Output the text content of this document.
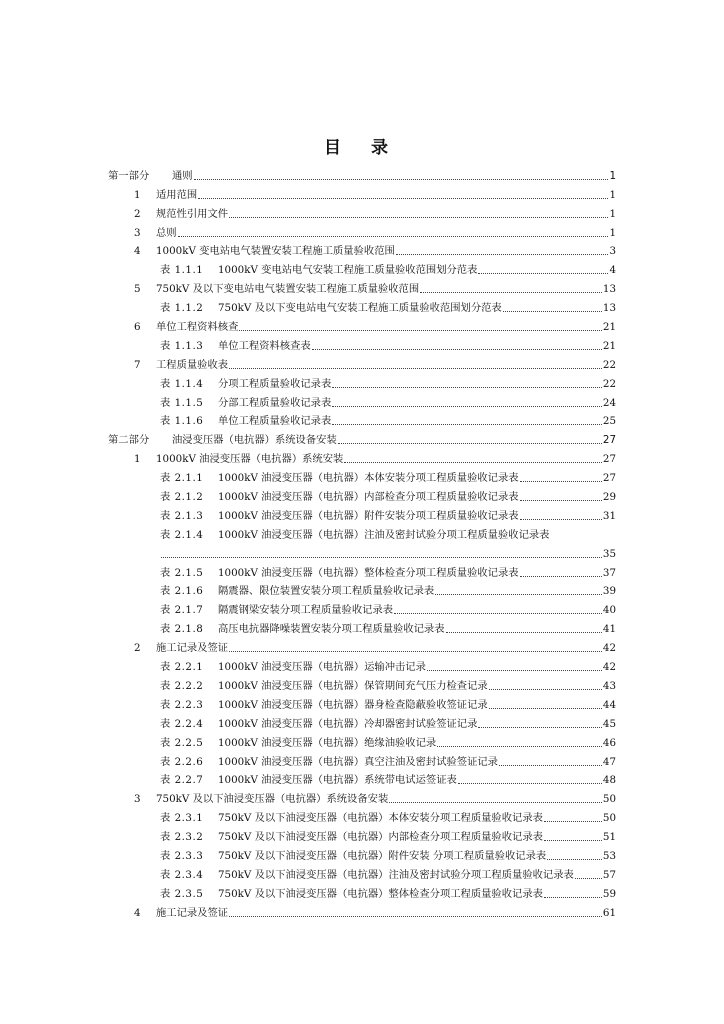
目 录
第一部分 通则	1
1 适用范围	1
2 规范性引用文件	1
3 总则	1
4 1000kV 变电站电气装置安装工程施工质量验收范围	3
表 1.1.1 1000kV 变电站电气安装工程施工质量验收范围划分范表	4
5 750kV 及以下变电站电气装置安装工程施工质量验收范围	13
表 1.1.2 750kV 及以下变电站电气安装工程施工质量验收范围划分范表	13
6 单位工程资料核查	21
表 1.1.3 单位工程资料核查表	21
7 工程质量验收表	22
表 1.1.4 分项工程质量验收记录表	22
表 1.1.5 分部工程质量验收记录表	24
表 1.1.6 单位工程质量验收记录表	25
第二部分 油浸变压器（电抗器）系统设备安装	27
1 1000kV 油浸变压器（电抗器）系统安装	27
表 2.1.1 1000kV 油浸变压器（电抗器）本体安装分项工程质量验收记录表	27
表 2.1.2 1000kV 油浸变压器（电抗器）内部检查分项工程质量验收记录表	29
表 2.1.3 1000kV 油浸变压器（电抗器）附件安装分项工程质量验收记录表	31
表 2.1.4 1000kV 油浸变压器（电抗器）注油及密封试验分项工程质量验收记录表
35
表 2.1.5 1000kV 油浸变压器（电抗器）整体检查分项工程质量验收记录表	37
表 2.1.6 隔震器、限位装置安装分项工程质量验收记录表	39
表 2.1.7 隔震钢梁安装分项工程质量验收记录表	40
表 2.1.8 高压电抗器降噪装置安装分项工程质量验收记录表	41
2 施工记录及签证	42
表 2.2.1 1000kV 油浸变压器（电抗器）运输冲击记录	42
表 2.2.2 1000kV 油浸变压器（电抗器）保管期间充气压力检查记录	43
表 2.2.3 1000kV 油浸变压器（电抗器）器身检查隐蔽验收签证记录	44
表 2.2.4 1000kV 油浸变压器（电抗器）冷却器密封试验签证记录	45
表 2.2.5 1000kV 油浸变压器（电抗器）绝缘油验收记录	46
表 2.2.6 1000kV 油浸变压器（电抗器）真空注油及密封试验签证记录	47
表 2.2.7 1000kV 油浸变压器（电抗器）系统带电试运签证表	48
3 750kV 及以下油浸变压器（电抗器）系统设备安装	50
表 2.3.1 750kV 及以下油浸变压器（电抗器）本体安装分项工程质量验收记录表	50
表 2.3.2 750kV 及以下油浸变压器（电抗器）内部检查分项工程质量验收记录表	51
表 2.3.3 750kV 及以下油浸变压器（电抗器）附件安装 分项工程质量验收记录表	53
表 2.3.4 750kV 及以下油浸变压器（电抗器）注油及密封试验分项工程质量验收记录表	57
表 2.3.5 750kV 及以下油浸变压器（电抗器）整体检查分项工程质量验收记录表	59
4 施工记录及签证	61
